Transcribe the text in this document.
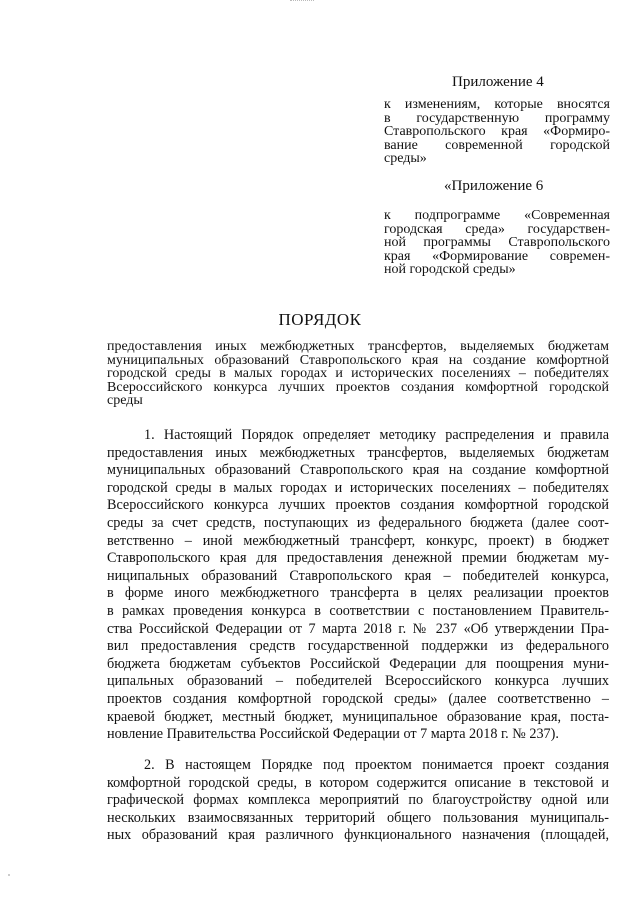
Приложение 4
к изменениям, которые вносятся
в государственную программу
Ставропольского края «Формиро-
вание современной городской
среды»
«Приложение 6
к подпрограмме «Современная
городская среда» государствен-
ной программы Ставропольского
края «Формирование современ-
ной городской среды»
ПОРЯДОК
предоставления иных межбюджетных трансфертов, выделяемых бюджетам
муниципальных образований Ставропольского края на создание комфортной
городской среды в малых городах и исторических поселениях – победителях
Всероссийского конкурса лучших проектов создания комфортной городской
среды
1. Настоящий Порядок определяет методику распределения и правила
предоставления иных межбюджетных трансфертов, выделяемых бюджетам
муниципальных образований Ставропольского края на создание комфортной
городской среды в малых городах и исторических поселениях – победителях
Всероссийского конкурса лучших проектов создания комфортной городской
среды за счет средств, поступающих из федерального бюджета (далее соот-
ветственно – иной межбюджетный трансферт, конкурс, проект) в бюджет
Ставропольского края для предоставления денежной премии бюджетам му-
ниципальных образований Ставропольского края – победителей конкурса,
в форме иного межбюджетного трансферта в целях реализации проектов
в рамках проведения конкурса в соответствии с постановлением Правитель-
ства Российской Федерации от 7 марта 2018 г. № 237 «Об утверждении Пра-
вил предоставления средств государственной поддержки из федерального
бюджета бюджетам субъектов Российской Федерации для поощрения муни-
ципальных образований – победителей Всероссийского конкурса лучших
проектов создания комфортной городской среды» (далее соответственно –
краевой бюджет, местный бюджет, муниципальное образование края, поста-
новление Правительства Российской Федерации от 7 марта 2018 г. № 237).
2. В настоящем Порядке под проектом понимается проект создания
комфортной городской среды, в котором содержится описание в текстовой и
графической формах комплекса мероприятий по благоустройству одной или
нескольких взаимосвязанных территорий общего пользования муниципаль-
ных образований края различного функционального назначения (площадей,
